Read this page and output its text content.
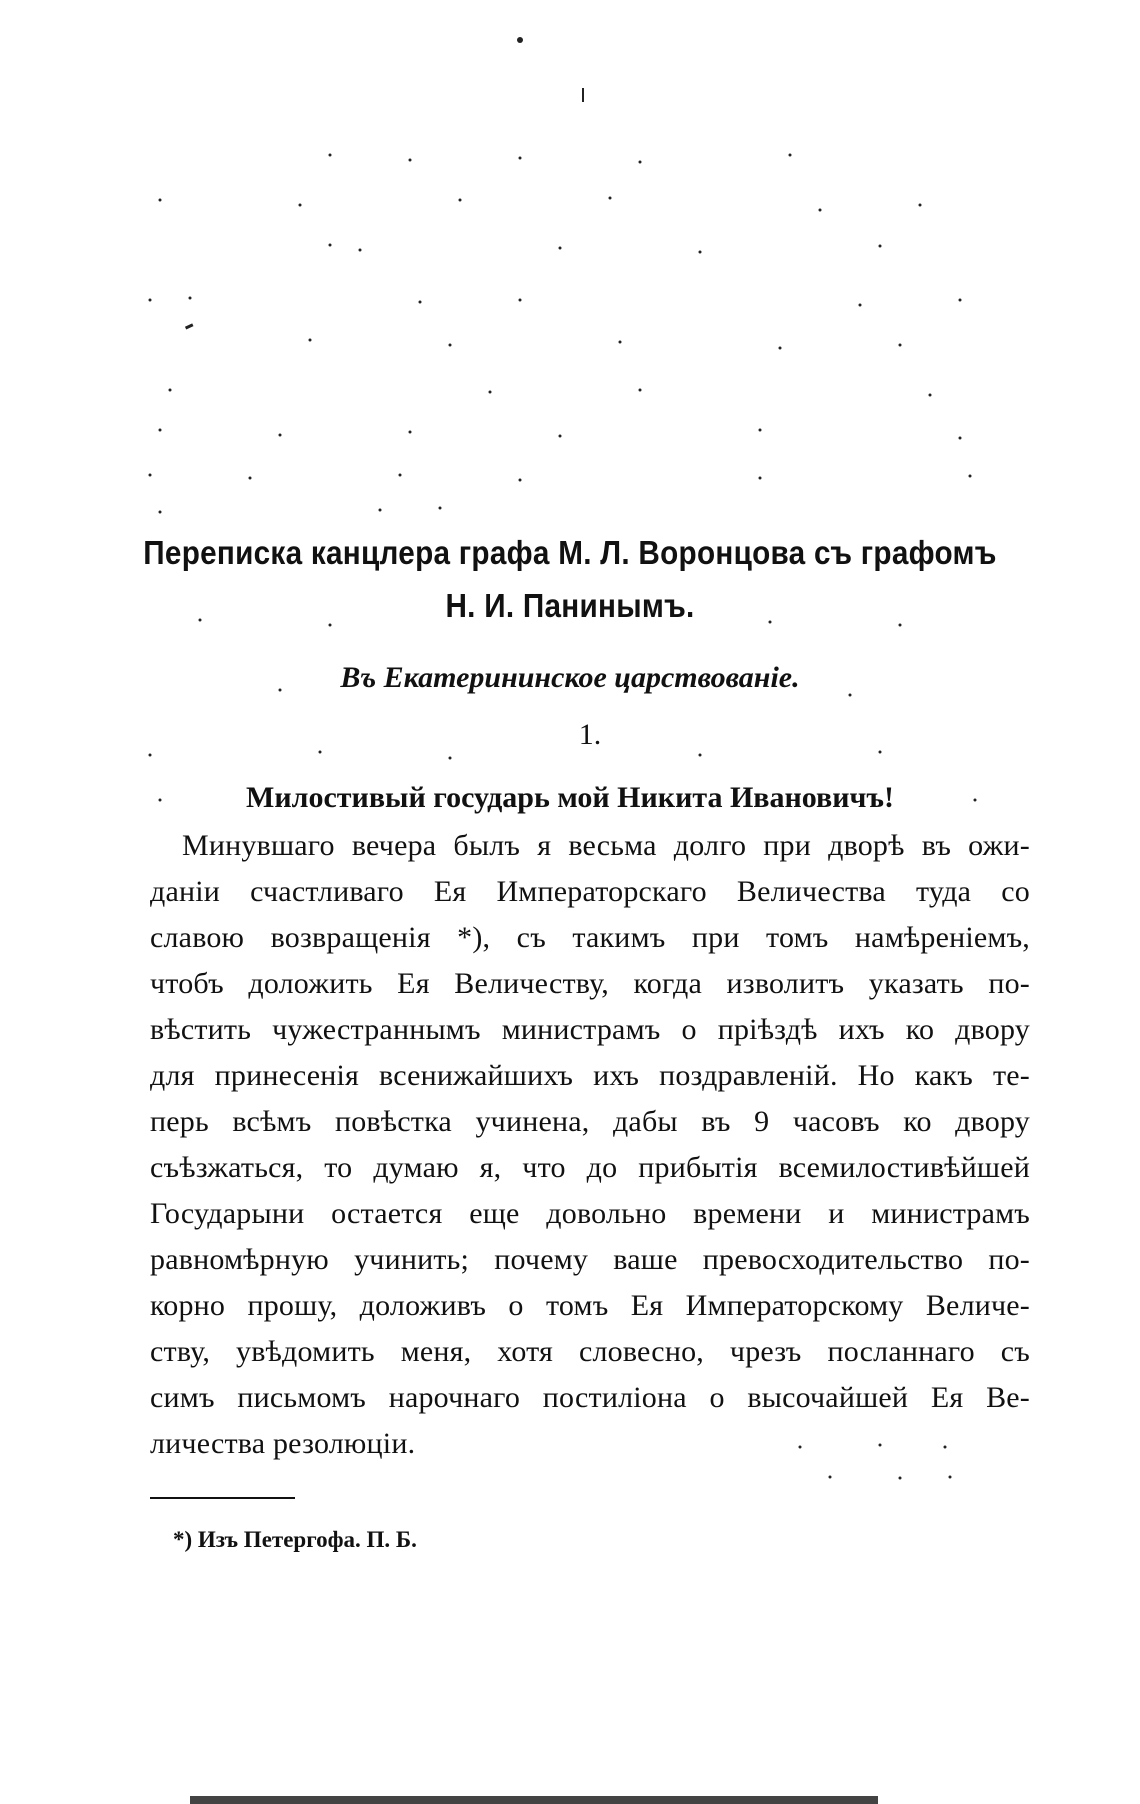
Переписка канцлера графа М. Л. Воронцова съ графомъ
Н. И. Панинымъ.
Въ Екатерининское царствованіе.
1.
Милостивый государь мой Никита Ивановичъ!
Минувшаго вечера былъ я весьма долго при дворѣ въ ожи-
даніи счастливаго Ея Императорскаго Величества туда со
славою возвращенія *), съ такимъ при томъ намѣреніемъ,
чтобъ доложить Ея Величеству, когда изволитъ указать по-
вѣстить чужестраннымъ министрамъ о пріѣздѣ ихъ ко двору
для принесенія всенижайшихъ ихъ поздравленій. Но какъ те-
перь всѣмъ повѣстка учинена, дабы въ 9 часовъ ко двору
съѣзжаться, то думаю я, что до прибытія всемилостивѣйшей
Государыни остается еще довольно времени и министрамъ
равномѣрную учинить; почему ваше превосходительство по-
корно прошу, доложивъ о томъ Ея Императорскому Величе-
ству, увѣдомить меня, хотя словесно, чрезъ посланнаго съ
симъ письмомъ нарочнаго постиліона о высочайшей Ея Ве-
личества резолюціи.
*) Изъ Петергофа. П. Б.
